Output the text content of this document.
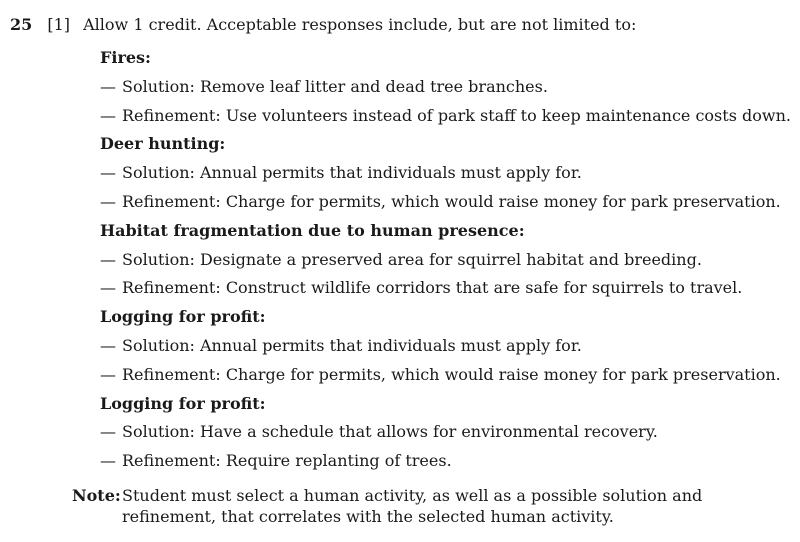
25 [1] Allow 1 credit. Acceptable responses include, but are not limited to:
Fires:
— Solution: Remove leaf litter and dead tree branches.
— Refinement: Use volunteers instead of park staff to keep maintenance costs down.
Deer hunting:
— Solution: Annual permits that individuals must apply for.
— Refinement: Charge for permits, which would raise money for park preservation.
Habitat fragmentation due to human presence:
— Solution: Designate a preserved area for squirrel habitat and breeding.
— Refinement: Construct wildlife corridors that are safe for squirrels to travel.
Logging for profit:
— Solution: Annual permits that individuals must apply for.
— Refinement: Charge for permits, which would raise money for park preservation.
Logging for profit:
— Solution: Have a schedule that allows for environmental recovery.
— Refinement: Require replanting of trees.
Note: Student must select a human activity, as well as a possible solution and refinement, that correlates with the selected human activity.
